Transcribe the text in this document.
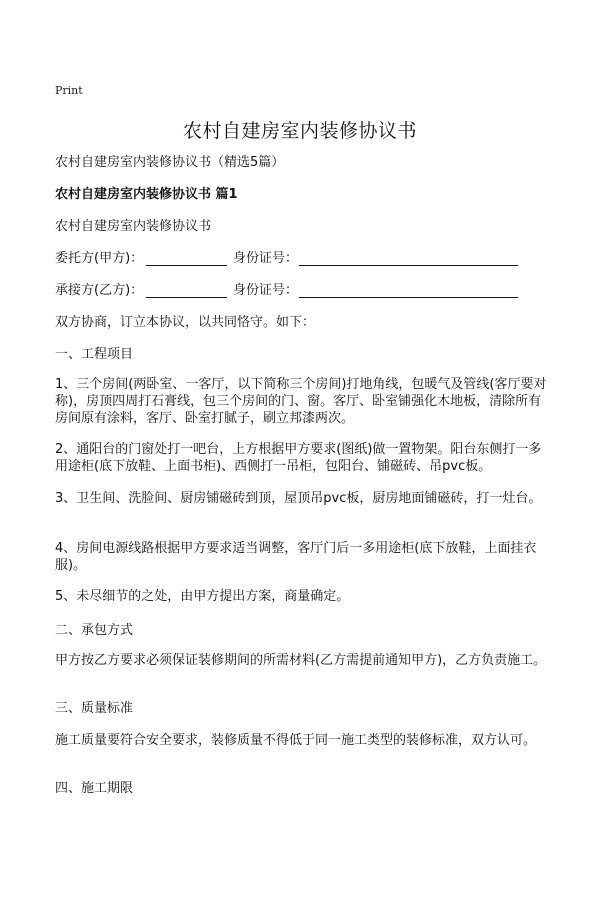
Print
农村自建房室内装修协议书

农村自建房室内装修协议书（精选5篇）

农村自建房室内装修协议书 篇1

农村自建房室内装修协议书

委托方(甲方)：	身份证号：
承接方(乙方)：	身份证号：

双方协商，订立本协议，以共同恪守。如下：

一、工程项目

1、三个房间(两卧室、一客厅，以下简称三个房间)打地角线，包暖气及管线(客厅要对称)，房顶四周打石膏线，包三个房间的门、窗。客厅、卧室铺强化木地板，清除所有房间原有涂料，客厅、卧室打腻子，刷立邦漆两次。

2、通阳台的门窗处打一吧台，上方根据甲方要求(图纸)做一置物架。阳台东侧打一多用途柜(底下放鞋、上面书柜)、西侧打一吊柜，包阳台、铺磁砖、吊pvc板。

3、卫生间、洗脸间、厨房铺磁砖到顶，屋顶吊pvc板，厨房地面铺磁砖，打一灶台。

4、房间电源线路根据甲方要求适当调整，客厅门后一多用途柜(底下放鞋，上面挂衣服)。

5、未尽细节的之处，由甲方提出方案，商量确定。

二、承包方式

甲方按乙方要求必须保证装修期间的所需材料(乙方需提前通知甲方)，乙方负责施工。

三、质量标准

施工质量要符合安全要求，装修质量不得低于同一施工类型的装修标准，双方认可。

四、施工期限
